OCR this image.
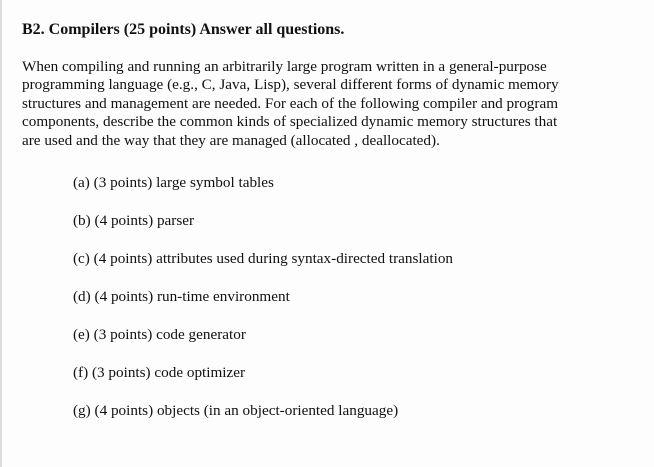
B2. Compilers (25 points) Answer all questions.
When compiling and running an arbitrarily large program written in a general-purpose
programming language (e.g., C, Java, Lisp), several different forms of dynamic memory
structures and management are needed. For each of the following compiler and program
components, describe the common kinds of specialized dynamic memory structures that
are used and the way that they are managed (allocated , deallocated).
(a) (3 points) large symbol tables
(b) (4 points) parser
(c) (4 points) attributes used during syntax-directed translation
(d) (4 points) run-time environment
(e) (3 points) code generator
(f) (3 points) code optimizer
(g) (4 points) objects (in an object-oriented language)
